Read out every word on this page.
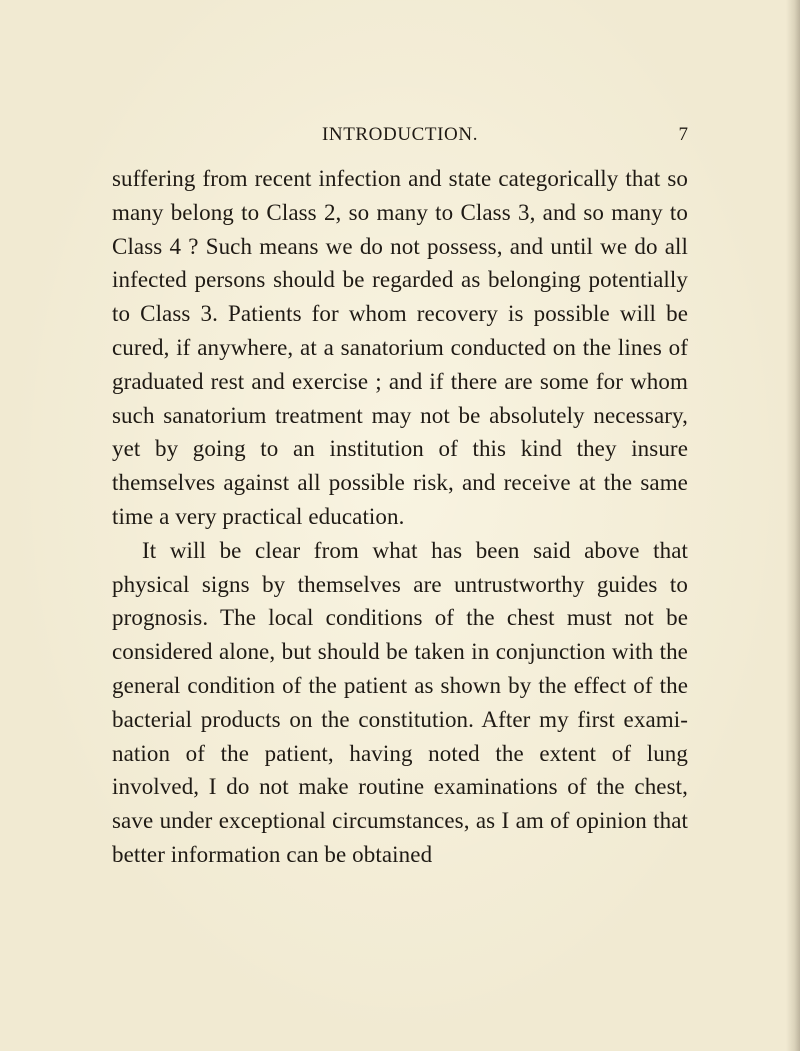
INTRODUCTION.	7

suffering from recent infection and state categorically that so many belong to Class 2, so many to Class 3, and so many to Class 4 ? Such means we do not possess, and until we do all infected persons should be regarded as belonging potentially to Class 3. Patients for whom recovery is possible will be cured, if anywhere, at a sanatorium conducted on the lines of graduated rest and exercise ; and if there are some for whom such sanatorium treatment may not be absolutely necessary, yet by going to an institution of this kind they insure themselves against all possible risk, and receive at the same time a very practical education.

It will be clear from what has been said above that physical signs by themselves are untrustworthy guides to prognosis. The local conditions of the chest must not be considered alone, but should be taken in conjunction with the general condition of the patient as shown by the effect of the bacterial products on the constitution. After my first exami-nation of the patient, having noted the extent of lung involved, I do not make routine examinations of the chest, save under exceptional circumstances, as I am of opinion that better information can be obtained
